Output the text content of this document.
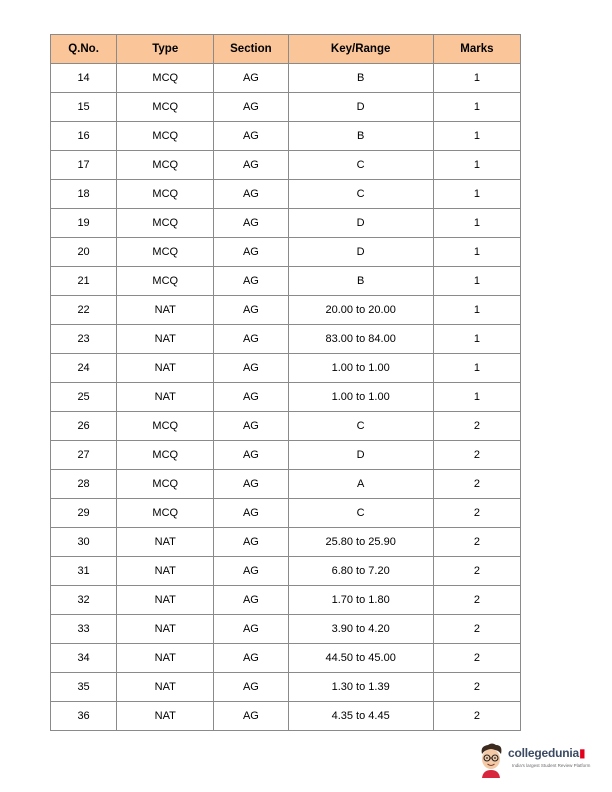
Q.No.	Type	Section	Key/Range	Marks
14	MCQ	AG	B	1
15	MCQ	AG	D	1
16	MCQ	AG	B	1
17	MCQ	AG	C	1
18	MCQ	AG	C	1
19	MCQ	AG	D	1
20	MCQ	AG	D	1
21	MCQ	AG	B	1
22	NAT	AG	20.00 to 20.00	1
23	NAT	AG	83.00 to 84.00	1
24	NAT	AG	1.00 to 1.00	1
25	NAT	AG	1.00 to 1.00	1
26	MCQ	AG	C	2
27	MCQ	AG	D	2
28	MCQ	AG	A	2
29	MCQ	AG	C	2
30	NAT	AG	25.80 to 25.90	2
31	NAT	AG	6.80 to 7.20	2
32	NAT	AG	1.70 to 1.80	2
33	NAT	AG	3.90 to 4.20	2
34	NAT	AG	44.50 to 45.00	2
35	NAT	AG	1.30 to 1.39	2
36	NAT	AG	4.35 to 4.45	2
collegedunia▮
India's largest Student Review Platform
